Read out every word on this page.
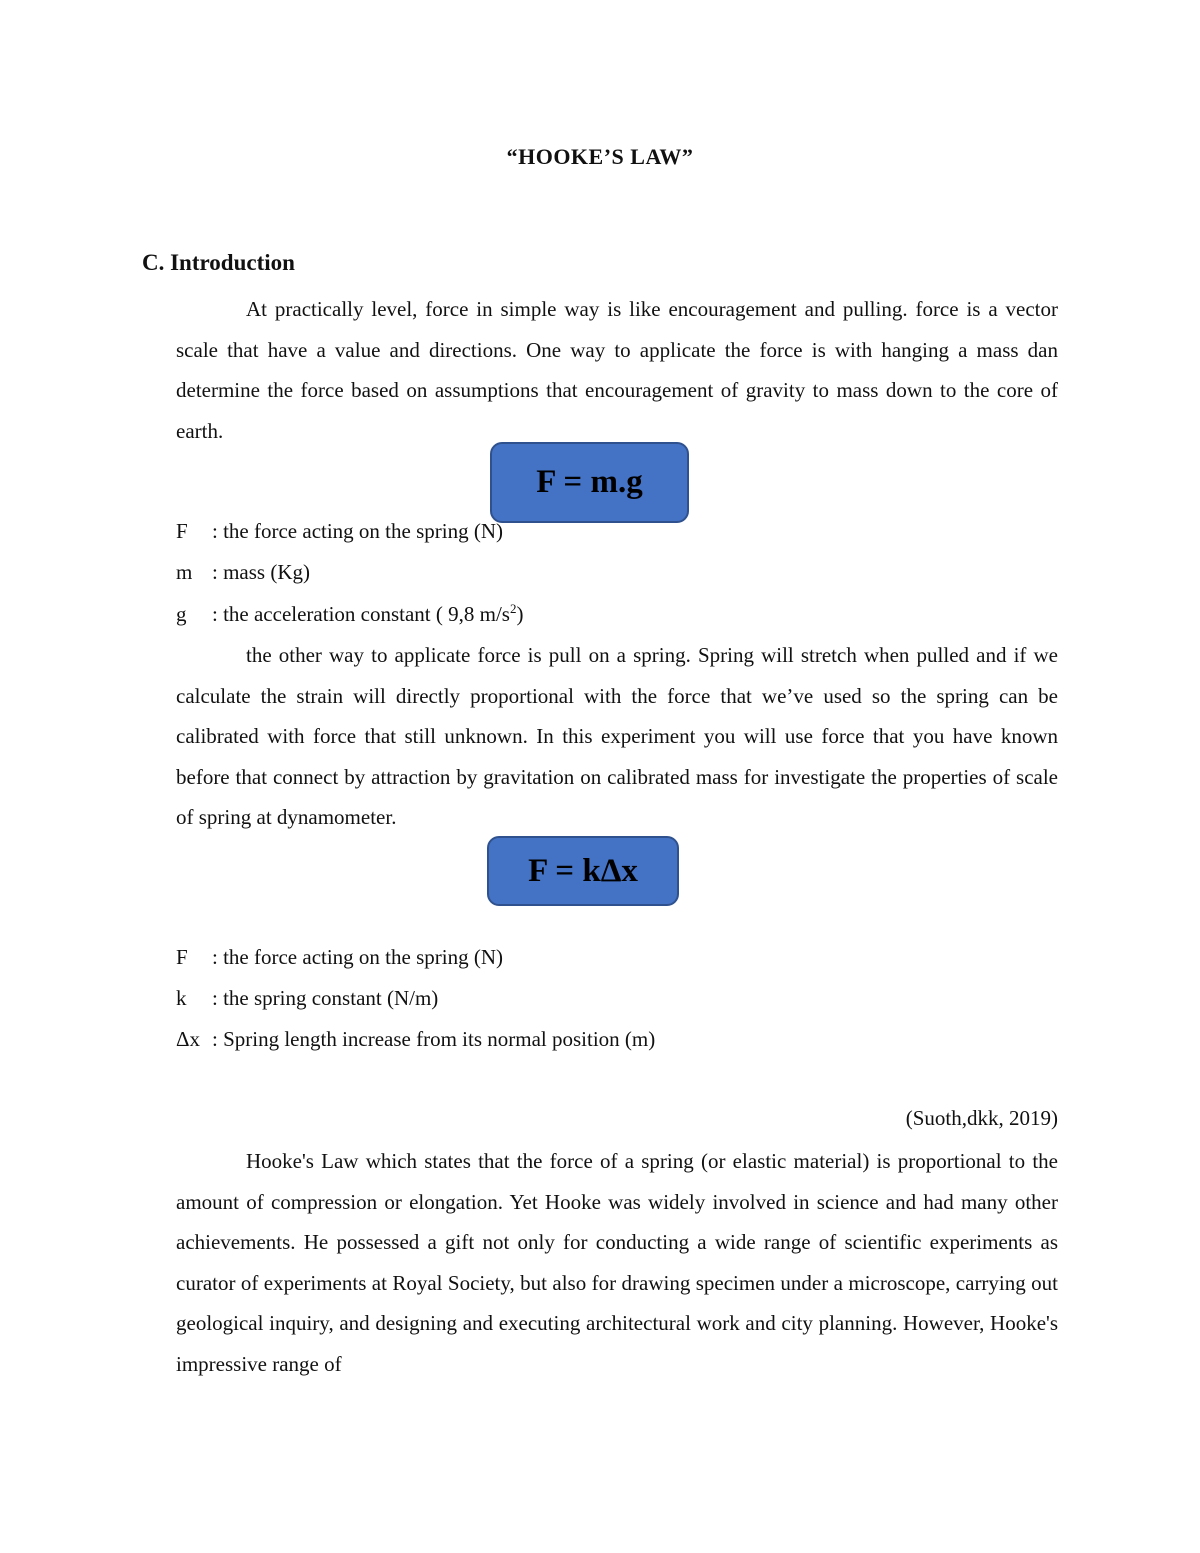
“HOOKE’S LAW”
C. Introduction

At practically level, force in simple way is like encouragement and pulling. force is a vector scale that have a value and directions. One way to applicate the force is with hanging a mass dan determine the force based on assumptions that encouragement of gravity to mass down to the core of earth.

F = m.g
F : the force acting on the spring (N)
m : mass (Kg)
g : the acceleration constant ( 9,8 $m/s^2$)

the other way to applicate force is pull on a spring. Spring will stretch when pulled and if we calculate the strain will directly proportional with the force that we’ve used so the spring can be calibrated with force that still unknown. In this experiment you will use force that you have known before that connect by attraction by gravitation on calibrated mass for investigate the properties of scale of spring at dynamometer.

F = kΔx
F : the force acting on the spring (N)
k : the spring constant (N/m)
Δx : Spring length increase from its normal position (m)
(Suoth,dkk, 2019)

Hooke's Law which states that the force of a spring (or elastic material) is proportional to the amount of compression or elongation. Yet Hooke was widely involved in science and had many other achievements. He possessed a gift not only for conducting a wide range of scientific experiments as curator of experiments at Royal Society, but also for drawing specimen under a microscope, carrying out geological inquiry, and designing and executing architectural work and city planning. However, Hooke's impressive range of
